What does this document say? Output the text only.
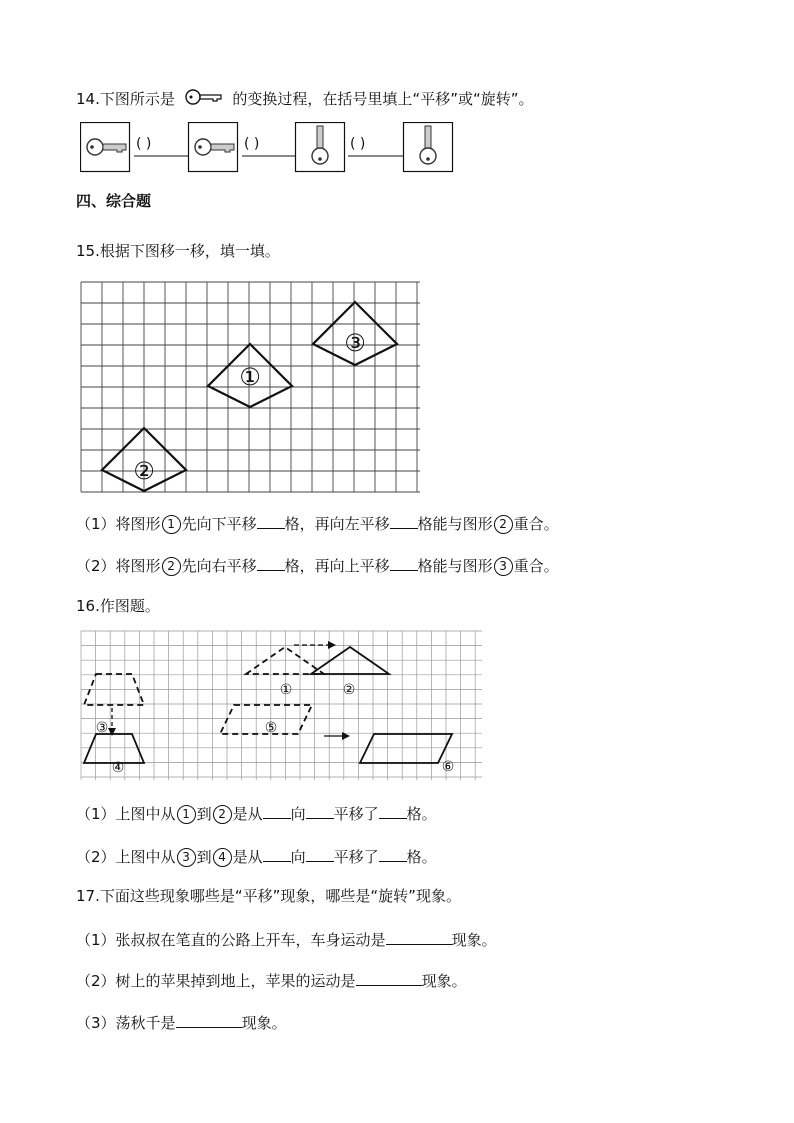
14.下图所示是	的变换过程，在括号里填上“平移”或“旋转”。
( )	( )	( )
四、综合题
15.根据下图移一移，填一填。
①
②
③
（1）将图形 1 先向下平移 格，再向左平移 格能与图形 2 重合。
（2）将图形 2 先向右平移 格，再向上平移 格能与图形 3 重合。
16.作图题。
①	②
③
④
⑤
⑥
（1）上图中从 1 到 2 是从 向 平移了 格。
（2）上图中从 3 到 4 是从 向 平移了 格。
17.下面这些现象哪些是“平移”现象，哪些是“旋转”现象。
（1）张叔叔在笔直的公路上开车，车身运动是	现象。
（2）树上的苹果掉到地上，苹果的运动是	现象。
（3）荡秋千是	现象。
